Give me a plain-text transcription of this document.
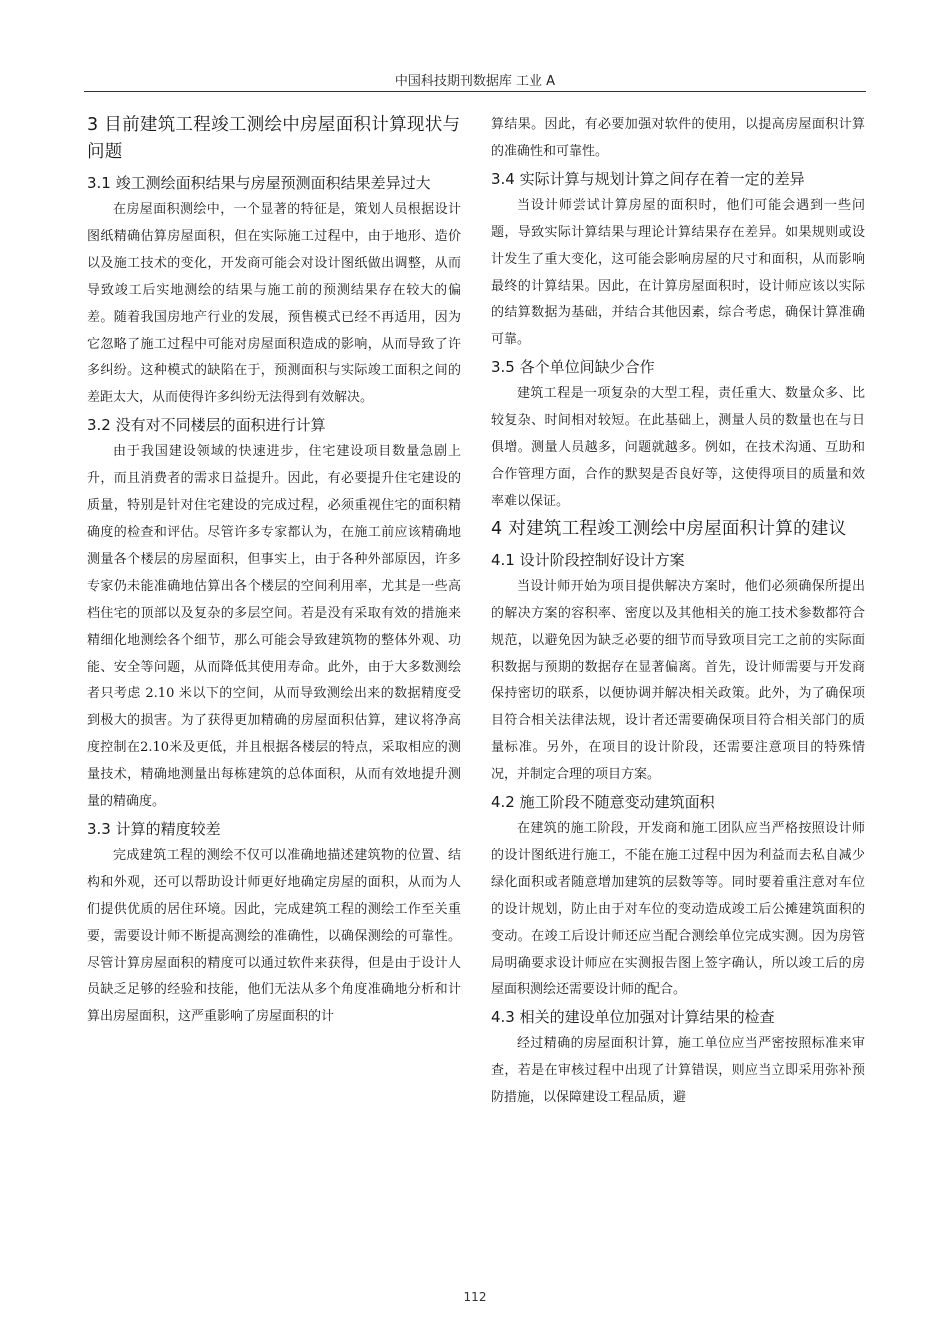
中国科技期刊数据库 工业 A
3 目前建筑工程竣工测绘中房屋面积计算现状与问题
3.1 竣工测绘面积结果与房屋预测面积结果差异过大

在房屋面积测绘中，一个显著的特征是，策划人员根据设计图纸精确估算房屋面积，但在实际施工过程中，由于地形、造价以及施工技术的变化，开发商可能会对设计图纸做出调整，从而导致竣工后实地测绘的结果与施工前的预测结果存在较大的偏差。随着我国房地产行业的发展，预售模式已经不再适用，因为它忽略了施工过程中可能对房屋面积造成的影响，从而导致了许多纠纷。这种模式的缺陷在于，预测面积与实际竣工面积之间的差距太大，从而使得许多纠纷无法得到有效解决。

3.2 没有对不同楼层的面积进行计算

由于我国建设领域的快速进步，住宅建设项目数量急剧上升，而且消费者的需求日益提升。因此，有必要提升住宅建设的质量，特别是针对住宅建设的完成过程，必须重视住宅的面积精确度的检查和评估。尽管许多专家都认为，在施工前应该精确地测量各个楼层的房屋面积，但事实上，由于各种外部原因，许多专家仍未能准确地估算出各个楼层的空间利用率，尤其是一些高档住宅的顶部以及复杂的多层空间。若是没有采取有效的措施来精细化地测绘各个细节，那么可能会导致建筑物的整体外观、功能、安全等问题，从而降低其使用寿命。此外，由于大多数测绘者只考虑 2.10 米以下的空间，从而导致测绘出来的数据精度受到极大的损害。为了获得更加精确的房屋面积估算，建议将净高度控制在2.10米及更低，并且根据各楼层的特点，采取相应的测量技术，精确地测量出每栋建筑的总体面积，从而有效地提升测量的精确度。

3.3 计算的精度较差

完成建筑工程的测绘不仅可以准确地描述建筑物的位置、结构和外观，还可以帮助设计师更好地确定房屋的面积，从而为人们提供优质的居住环境。因此，完成建筑工程的测绘工作至关重要，需要设计师不断提高测绘的准确性，以确保测绘的可靠性。尽管计算房屋面积的精度可以通过软件来获得，但是由于设计人员缺乏足够的经验和技能，他们无法从多个角度准确地分析和计算出房屋面积，这严重影响了房屋面积的计

算结果。因此，有必要加强对软件的使用，以提高房屋面积计算的准确性和可靠性。

3.4 实际计算与规划计算之间存在着一定的差异

当设计师尝试计算房屋的面积时，他们可能会遇到一些问题，导致实际计算结果与理论计算结果存在差异。如果规则或设计发生了重大变化，这可能会影响房屋的尺寸和面积，从而影响最终的计算结果。因此，在计算房屋面积时，设计师应该以实际的结算数据为基础，并结合其他因素，综合考虑，确保计算准确可靠。

3.5 各个单位间缺少合作

建筑工程是一项复杂的大型工程，责任重大、数量众多、比较复杂、时间相对较短。在此基础上，测量人员的数量也在与日俱增。测量人员越多，问题就越多。例如，在技术沟通、互助和合作管理方面，合作的默契是否良好等，这使得项目的质量和效率难以保证。

4 对建筑工程竣工测绘中房屋面积计算的建议
4.1 设计阶段控制好设计方案

当设计师开始为项目提供解决方案时，他们必须确保所提出的解决方案的容积率、密度以及其他相关的施工技术参数都符合规范，以避免因为缺乏必要的细节而导致项目完工之前的实际面积数据与预期的数据存在显著偏离。首先，设计师需要与开发商保持密切的联系，以便协调并解决相关政策。此外，为了确保项目符合相关法律法规，设计者还需要确保项目符合相关部门的质量标准。另外，在项目的设计阶段，还需要注意项目的特殊情况，并制定合理的项目方案。

4.2 施工阶段不随意变动建筑面积

在建筑的施工阶段，开发商和施工团队应当严格按照设计师的设计图纸进行施工，不能在施工过程中因为利益而去私自减少绿化面积或者随意增加建筑的层数等等。同时要着重注意对车位的设计规划，防止由于对车位的变动造成竣工后公摊建筑面积的变动。在竣工后设计师还应当配合测绘单位完成实测。因为房管局明确要求设计师应在实测报告图上签字确认，所以竣工后的房屋面积测绘还需要设计师的配合。

4.3 相关的建设单位加强对计算结果的检查

经过精确的房屋面积计算，施工单位应当严密按照标准来审查，若是在审核过程中出现了计算错误，则应当立即采用弥补预防措施，以保障建设工程品质，避

112
